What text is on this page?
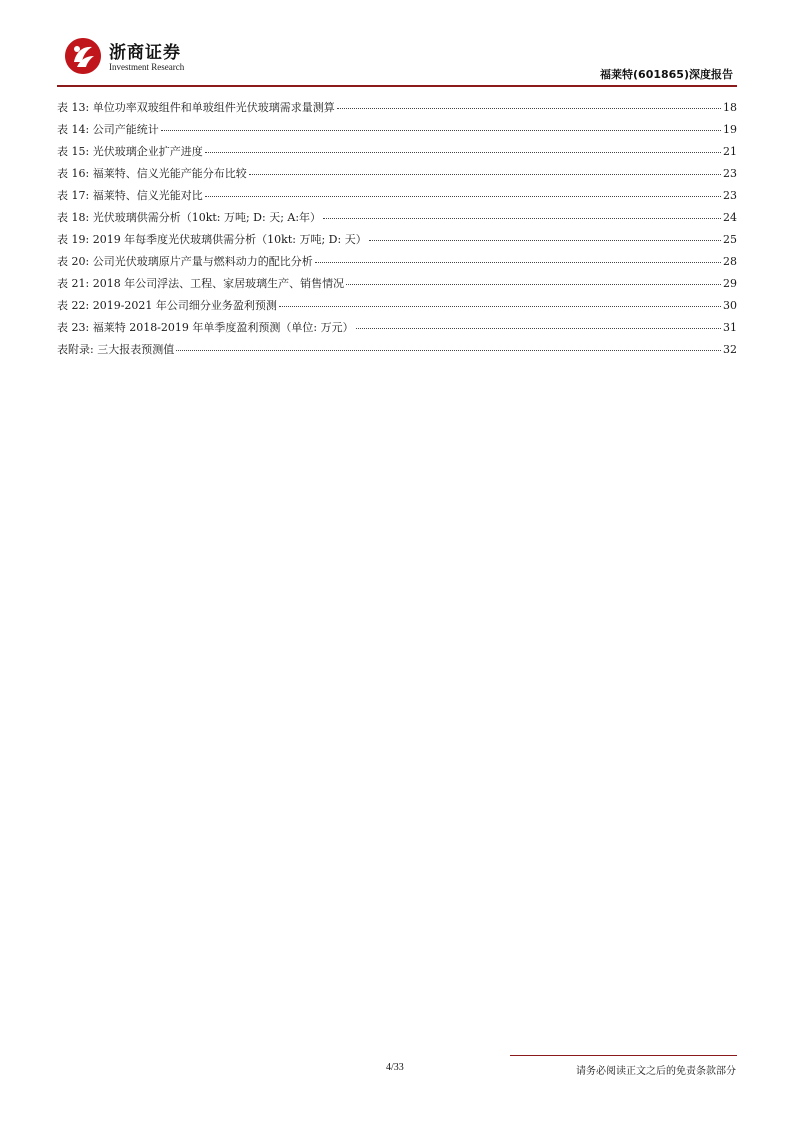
浙商证券
Investment Research
福莱特(601865)深度报告
表 13: 单位功率双玻组件和单玻组件光伏玻璃需求量测算	18
表 14: 公司产能统计	19
表 15: 光伏玻璃企业扩产进度	21
表 16: 福莱特、信义光能产能分布比较	23
表 17: 福莱特、信义光能对比	23
表 18: 光伏玻璃供需分析（10kt: 万吨; D: 天; A:年）	24
表 19: 2019 年每季度光伏玻璃供需分析（10kt: 万吨; D: 天）	25
表 20: 公司光伏玻璃原片产量与燃料动力的配比分析	28
表 21: 2018 年公司浮法、工程、家居玻璃生产、销售情况	29
表 22: 2019-2021 年公司细分业务盈利预测	30
表 23: 福莱特 2018-2019 年单季度盈利预测（单位: 万元）	31
表附录: 三大报表预测值	32
4/33	请务必阅读正文之后的免责条款部分
